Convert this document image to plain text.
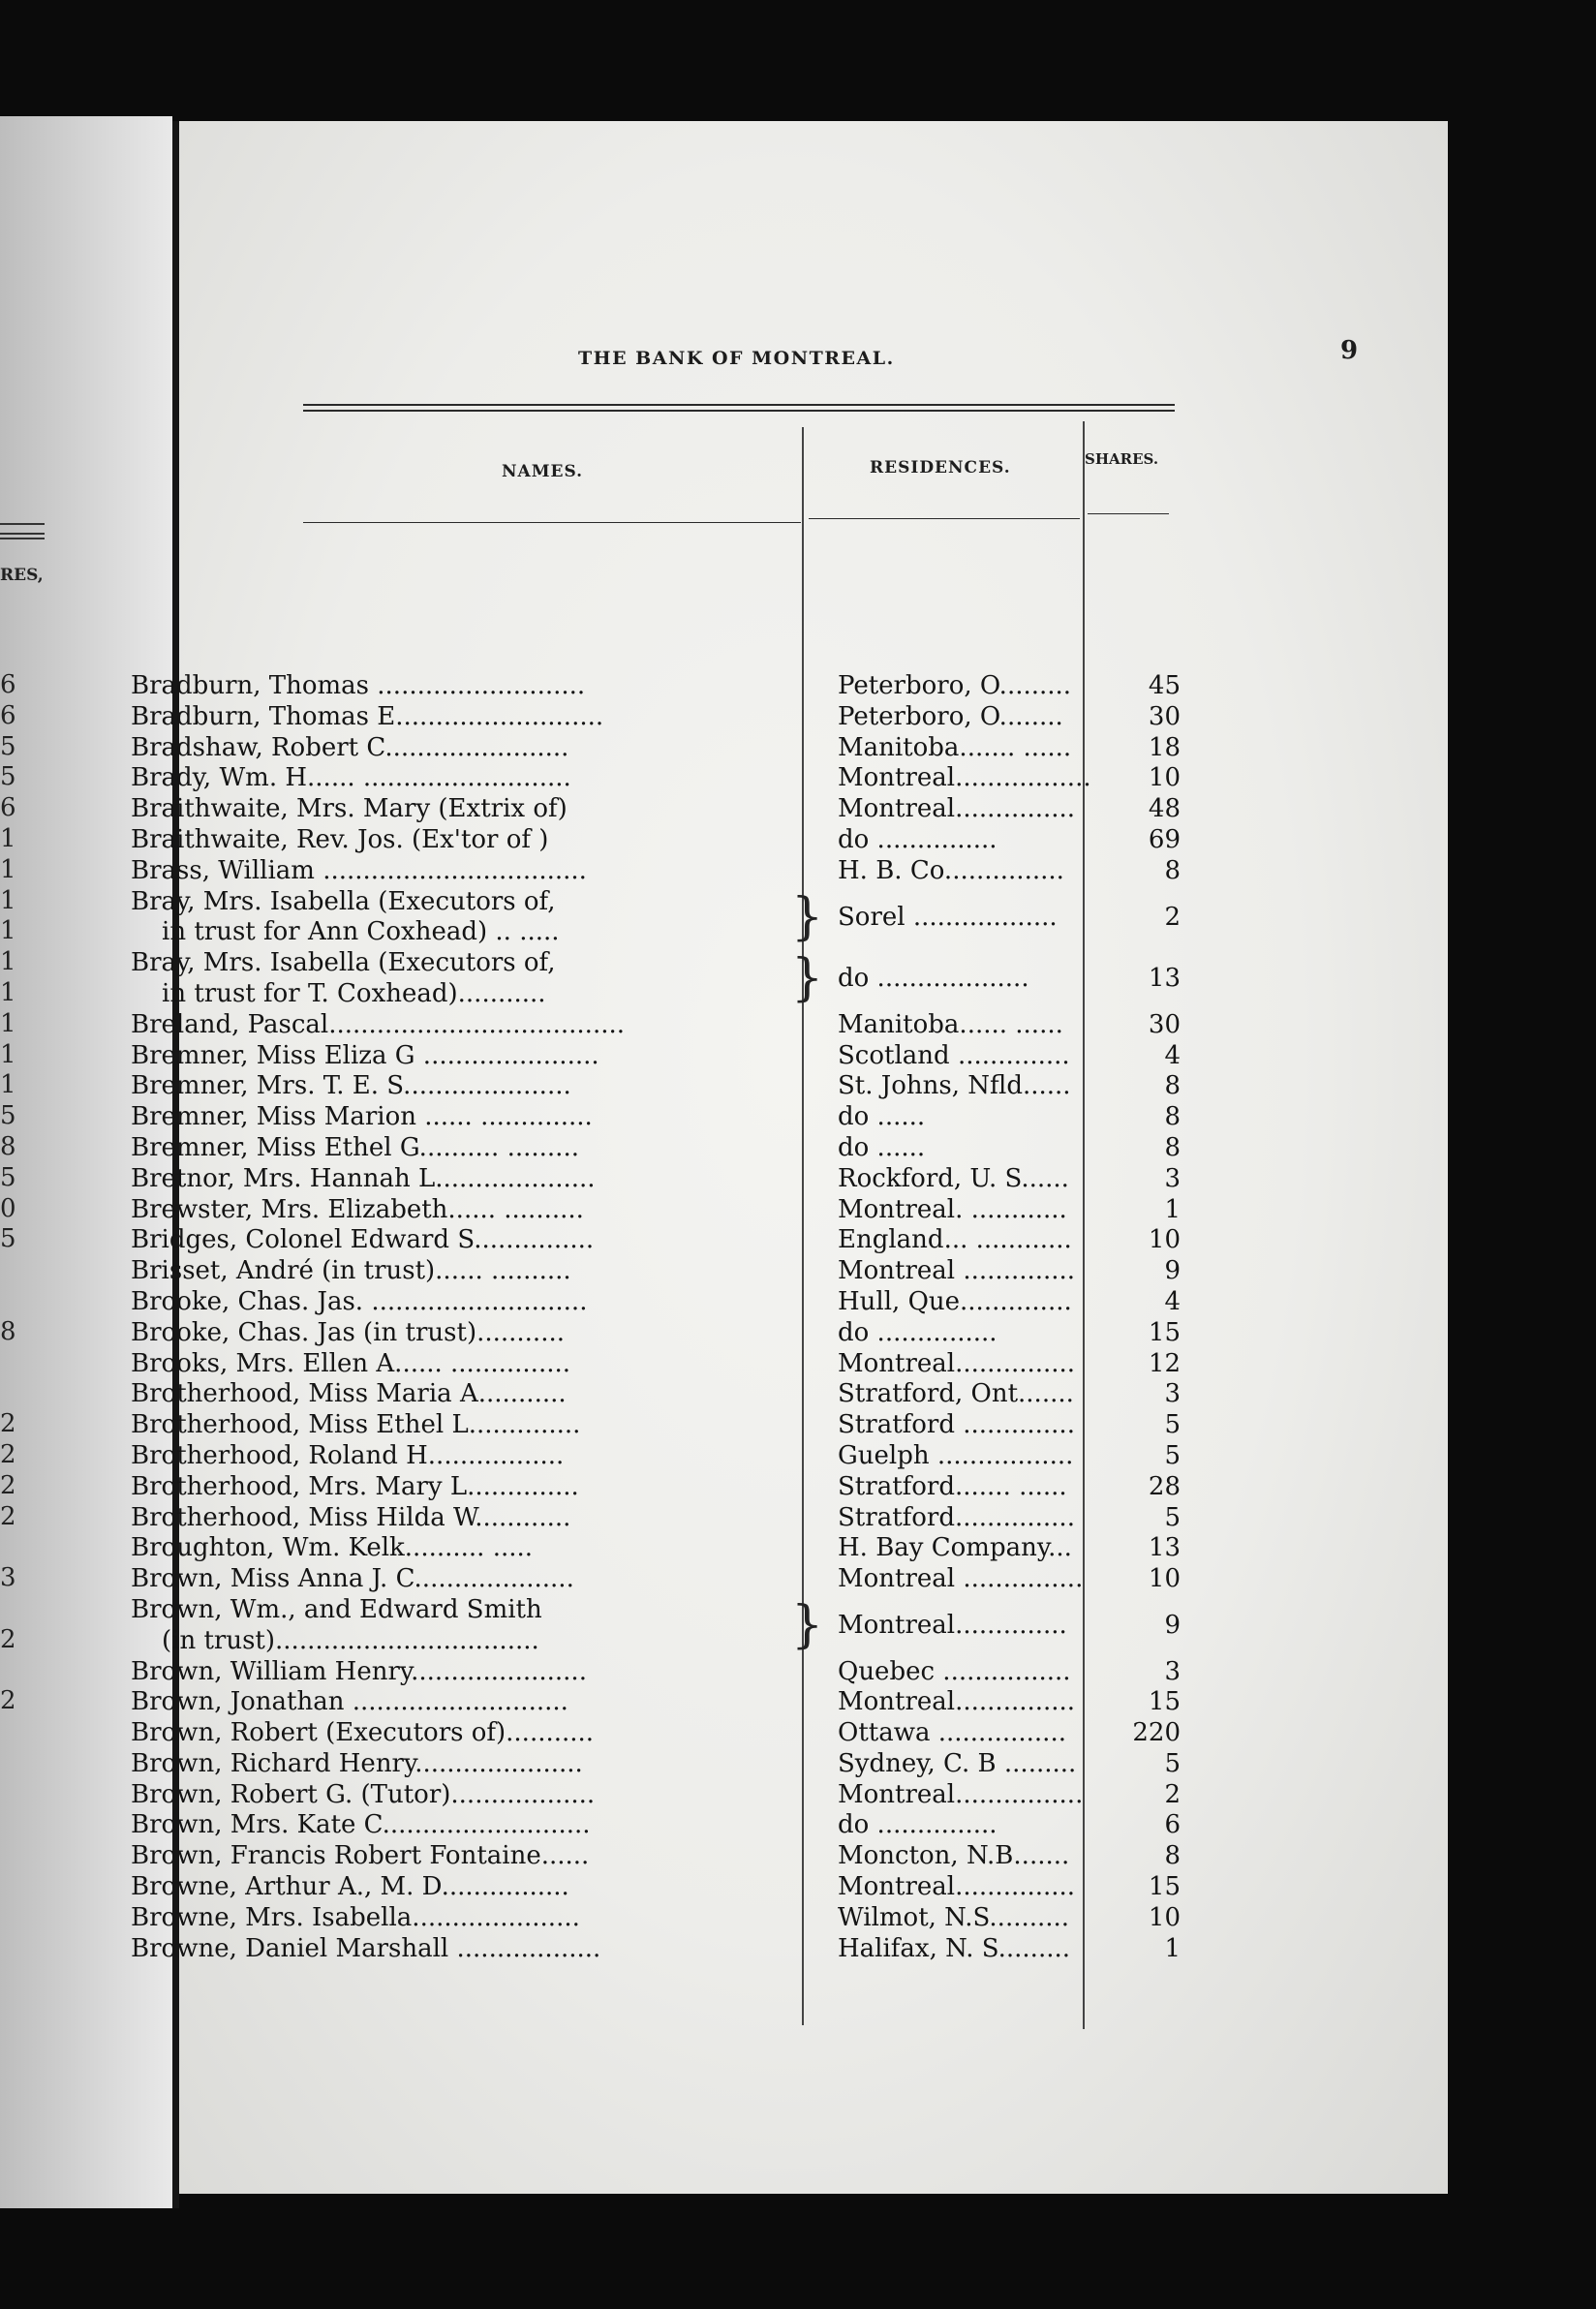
RES,
6
6
5
5
6
1
1
1
1
1
1
1
1
1
5
8
5
0
5
8
2
2
2
2
3
2
2
THE BANK OF MONTREAL.	9
NAMES.	RESIDENCES.	SHARES.
Bradburn, Thomas ..........................	Peterboro, O.........	45
Bradburn, Thomas E..........................	Peterboro, O........	30
Bradshaw, Robert C.......................	Manitoba....... ......	18
Brady, Wm. H...... ..........................	Montreal.................	10
Braithwaite, Mrs. Mary (Extrix of)	Montreal...............	48
Braithwaite, Rev. Jos. (Ex'tor of )	do ...............	69
Brass, William .................................	H. B. Co...............	8
Bray, Mrs. Isabella (Executors of,
in trust for Ann Coxhead) .. .....	} Sorel ..................	2
Bray, Mrs. Isabella (Executors of,
in trust for T. Coxhead)...........	} do ...................	13
Breland, Pascal.....................................	Manitoba...... ......	30
Bremner, Miss Eliza G ......................	Scotland ..............	4
Bremner, Mrs. T. E. S.....................	St. Johns, Nfld......	8
Bremner, Miss Marion ...... ..............	do ......	8
Bremner, Miss Ethel G.......... .........	do ......	8
Bretnor, Mrs. Hannah L....................	Rockford, U. S......	3
Brewster, Mrs. Elizabeth...... ..........	Montreal. ............	1
Bridges, Colonel Edward S...............	England... ............	10
Brisset, André (in trust)...... ..........	Montreal ..............	9
Brooke, Chas. Jas. ...........................	Hull, Que..............	4
Brooke, Chas. Jas (in trust)...........	do ...............	15
Brooks, Mrs. Ellen A...... ...............	Montreal...............	12
Brotherhood, Miss Maria A...........	Stratford, Ont.......	3
Brotherhood, Miss Ethel L..............	Stratford ..............	5
Brotherhood, Roland H.................	Guelph .................	5
Brotherhood, Mrs. Mary L..............	Stratford....... ......	28
Brotherhood, Miss Hilda W............	Stratford...............	5
Broughton, Wm. Kelk.......... .....	H. Bay Company...	13
Brown, Miss Anna J. C....................	Montreal ...............	10
Brown, Wm., and Edward Smith
(in trust).................................	} Montreal..............	9
Brown, William Henry......................	Quebec ................	3
Brown, Jonathan ...........................	Montreal...............	15
Brown, Robert (Executors of)...........	Ottawa ................	220
Brown, Richard Henry.....................	Sydney, C. B .........	5
Brown, Robert G. (Tutor)..................	Montreal................	2
Brown, Mrs. Kate C..........................	do ...............	6
Brown, Francis Robert Fontaine......	Moncton, N.B.......	8
Browne, Arthur A., M. D................	Montreal...............	15
Browne, Mrs. Isabella.....................	Wilmot, N.S..........	10
Browne, Daniel Marshall ..................	Halifax, N. S.........	1
